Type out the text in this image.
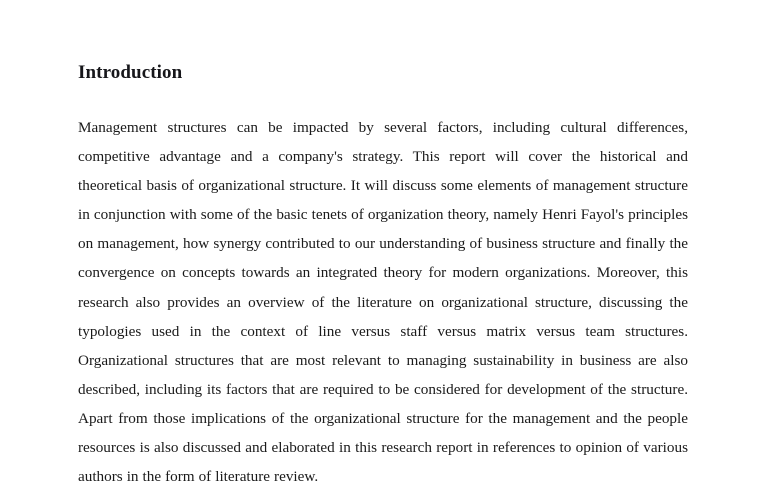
Introduction

Management structures can be impacted by several factors, including cultural differences, competitive advantage and a company's strategy. This report will cover the historical and theoretical basis of organizational structure. It will discuss some elements of management structure in conjunction with some of the basic tenets of organization theory, namely Henri Fayol's principles on management, how synergy contributed to our understanding of business structure and finally the convergence on concepts towards an integrated theory for modern organizations. Moreover, this research also provides an overview of the literature on organizational structure, discussing the typologies used in the context of line versus staff versus matrix versus team structures. Organizational structures that are most relevant to managing sustainability in business are also described, including its factors that are required to be considered for development of the structure. Apart from those implications of the organizational structure for the management and the people resources is also discussed and elaborated in this research report in references to opinion of various authors in the form of literature review.
